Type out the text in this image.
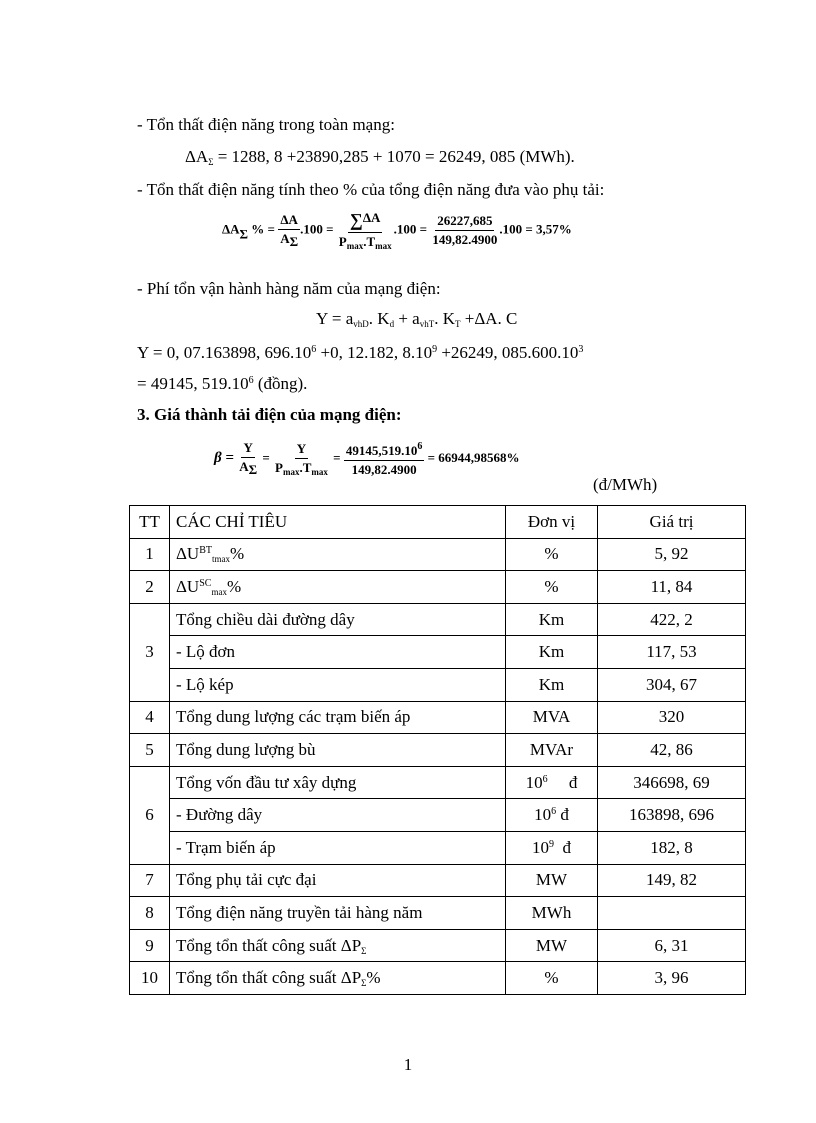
- Tổn thất điện năng trong toàn mạng:
$\Delta A_\Sigma = 1288$, 8 +23890,285 + 1070 = 26249, 085 (MWh).
- Tổn thất điện năng tính theo % của tổng điện năng đưa vào phụ tải:
ΔAΣ % = $\frac{\Delta A}{A\Sigma} .100 = \frac{\sum\Delta A}{P_{max}.T_{max}} .100 = \frac{26227,685}{149,82.4900} .100 = 3,57\%$
- Phí tổn vận hành hàng năm của mạng điện:
$Y = a_{vhD}$. $K_d + a_{vhT}$. $K_T +\Delta A$. C
Y = 0, 07.163898, $696.10^6 +0$, 12.182, $8.10^9 +26249$, $085.600.10^3$
= 49145, 519.10$^6$ (đồng).
3. Giá thành tải điện của mạng điện:
$\beta = \frac{Y}{A\Sigma} = \frac{Y}{P_{max}.T_{max}} = \frac{49145,519.10^6}{149,82.4900} = 66944,98568\%$
(đ/MWh)
TT	CÁC CHỈ TIÊU	Đơn vị	Giá trị
1	$\Delta U^{BT}_{tmax}\%$	%	5, 92
2	$\Delta U^{SC}_{max}\%$	%	11, 84
3	Tổng chiều dài đường dây	Km	422, 2
	- Lộ đơn	Km	117, 53
	- Lộ kép	Km	304, 67
4	Tổng dung lượng các trạm biến áp	MVA	320
5	Tổng dung lượng bù	MVAr	42, 86
6	Tổng vốn đầu tư xây dựng	$10^6$     đ	346698, 69
	- Đường dây	$10^6$ đ	163898, 696
	- Trạm biến áp	$10^9$  đ	182, 8
7	Tổng phụ tải cực đại	MW	149, 82
8	Tổng điện năng truyền tải hàng năm	MWh	
9	Tổng tổn thất công suất $\Delta P_\Sigma$	MW	6, 31
10	Tổng tổn thất công suất $\Delta P_\Sigma\%$	%	3, 96
1
